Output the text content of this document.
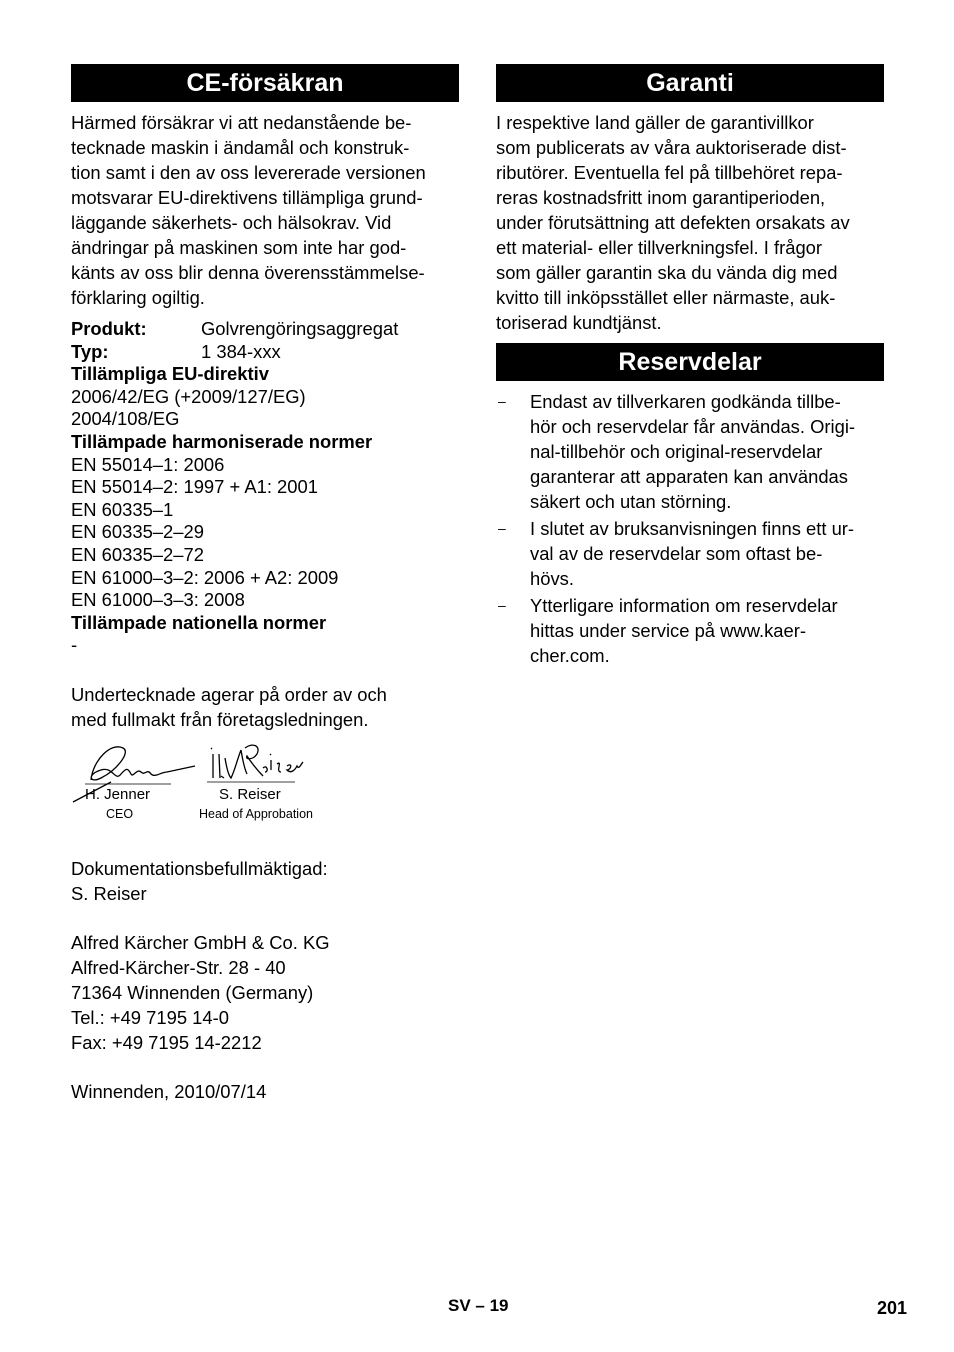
CE-försäkran

Härmed försäkrar vi att nedanstående be-
tecknade maskin i ändamål och konstruk-
tion samt i den av oss levererade versionen
motsvarar EU-direktivens tillämpliga grund-
läggande säkerhets- och hälsokrav. Vid
ändringar på maskinen som inte har god-
känts av oss blir denna överensstämmelse-
förklaring ogiltig.

Produkt:	Golvrengöringsaggregat
Typ:	1 384-xxx
Tillämpliga EU-direktiv
2006/42/EG (+2009/127/EG)
2004/108/EG
Tillämpade harmoniserade normer
EN 55014–1: 2006
EN 55014–2: 1997 + A1: 2001
EN 60335–1
EN 60335–2–29
EN 60335–2–72
EN 61000–3–2: 2006 + A2: 2009
EN 61000–3–3: 2008
Tillämpade nationella normer
-

Undertecknade agerar på order av och
med fullmakt från företagsledningen.

H. Jenner
CEO
S. Reiser
Head of Approbation

Dokumentationsbefullmäktigad:
S. Reiser

Alfred Kärcher GmbH & Co. KG
Alfred-Kärcher-Str. 28 - 40
71364 Winnenden (Germany)
Tel.: +49 7195 14-0
Fax: +49 7195 14-2212

Winnenden, 2010/07/14

Garanti

I respektive land gäller de garantivillkor
som publicerats av våra auktoriserade dist-
ributörer. Eventuella fel på tillbehöret repa-
reras kostnadsfritt inom garantiperioden,
under förutsättning att defekten orsakats av
ett material- eller tillverkningsfel. I frågor
som gäller garantin ska du vända dig med
kvitto till inköpsstället eller närmaste, auk-
toriserad kundtjänst.

Reservdelar
–	Endast av tillverkaren godkända tillbe-
hör och reservdelar får användas. Origi-
nal-tillbehör och original-reservdelar
garanterar att apparaten kan användas
säkert och utan störning.
–	I slutet av bruksanvisningen finns ett ur-
val av de reservdelar som oftast be-
hövs.
–	Ytterligare information om reservdelar
hittas under service på www.kaer-
cher.com.
SV – 19	201
